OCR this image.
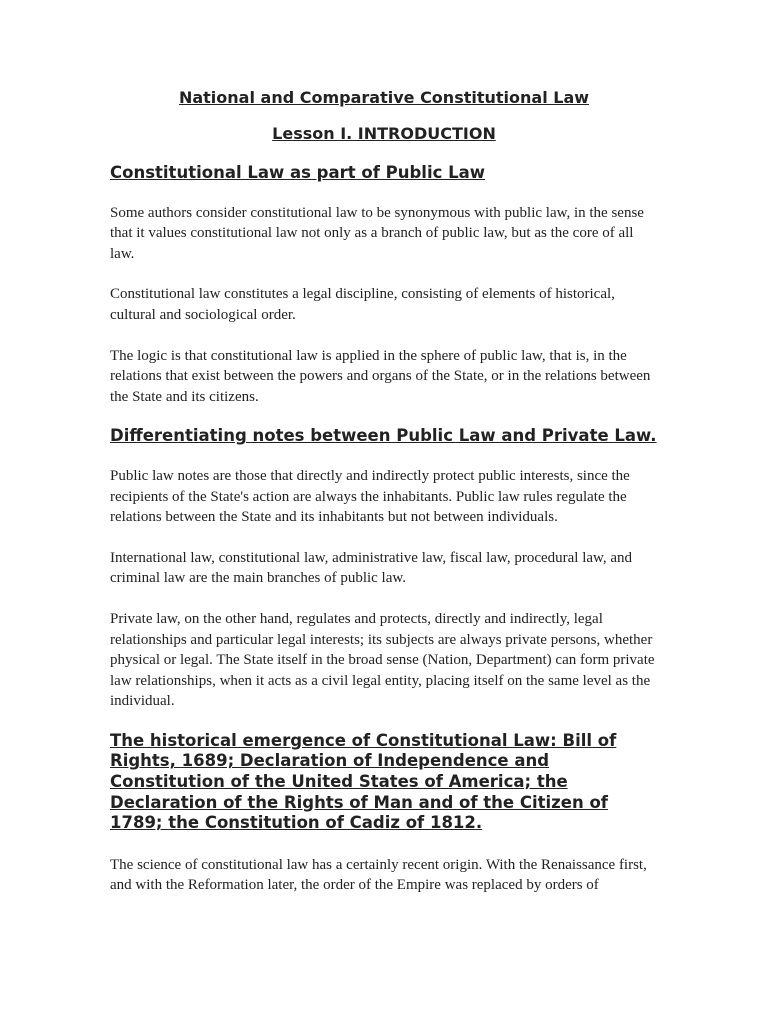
National and Comparative Constitutional Law
Lesson I. INTRODUCTION
Constitutional Law as part of Public Law

Some authors consider constitutional law to be synonymous with public law, in the sense that it values constitutional law not only as a branch of public law, but as the core of all law.

Constitutional law constitutes a legal discipline, consisting of elements of historical, cultural and sociological order.

The logic is that constitutional law is applied in the sphere of public law, that is, in the relations that exist between the powers and organs of the State, or in the relations between the State and its citizens.

Differentiating notes between Public Law and Private Law.

Public law notes are those that directly and indirectly protect public interests, since the recipients of the State's action are always the inhabitants. Public law rules regulate the relations between the State and its inhabitants but not between individuals.

International law, constitutional law, administrative law, fiscal law, procedural law, and criminal law are the main branches of public law.

Private law, on the other hand, regulates and protects, directly and indirectly, legal relationships and particular legal interests; its subjects are always private persons, whether physical or legal. The State itself in the broad sense (Nation, Department) can form private law relationships, when it acts as a civil legal entity, placing itself on the same level as the individual.

The historical emergence of Constitutional Law: Bill of Rights, 1689; Declaration of Independence and Constitution of the United States of America; the Declaration of the Rights of Man and of the Citizen of 1789; the Constitution of Cadiz of 1812.

The science of constitutional law has a certainly recent origin. With the Renaissance first, and with the Reformation later, the order of the Empire was replaced by orders of
